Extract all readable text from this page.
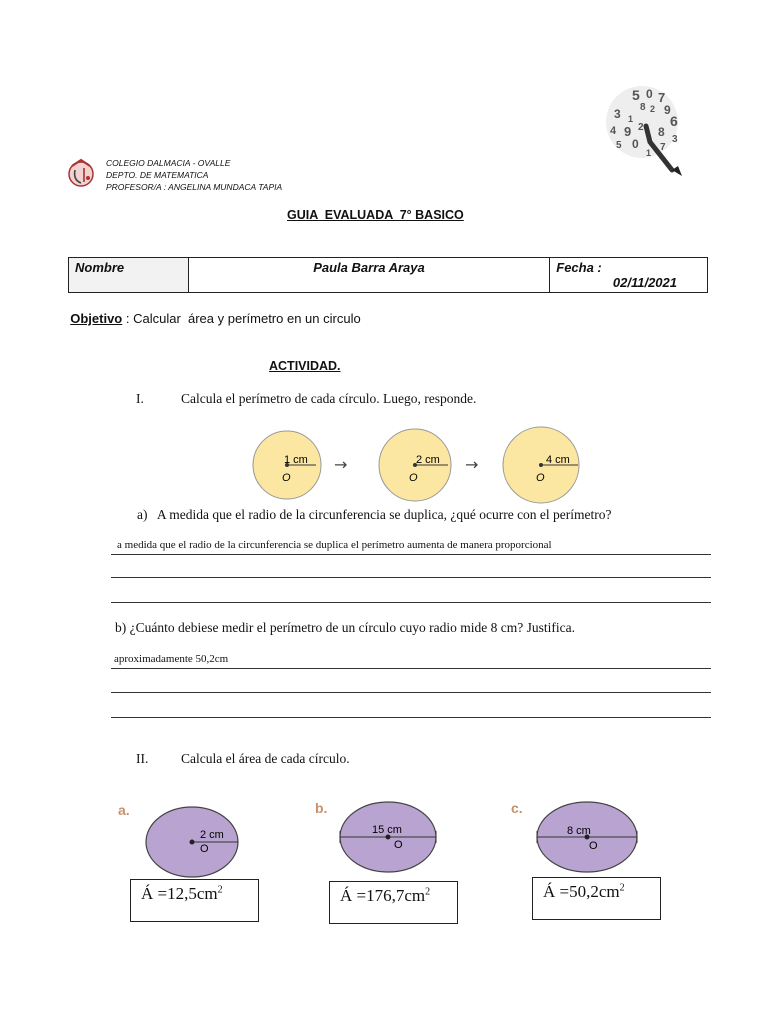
COLEGIO DALMACIA - OVALLE
DEPTO. DE MATEMATICA
PROFESOR/A : ANGELINA MUNDACA TAPIA
5 0 7
8 2 9
3 1	6
4 9 2 8
3
5 0 7
1
GUIA  EVALUADA  7° BASICO
Nombre	Paula Barra Araya	Fecha :
02/11/2021

Objetivo : Calcular  área y perímetro en un circulo

ACTIVIDAD.
I.	Calcula el perímetro de cada círculo. Luego, responde.
1 cm
O
→	2 cm
O
→	4 cm
O
a)   A medida que el radio de la circunferencia se duplica, ¿qué ocurre con el perímetro?
a medida que el radio de la circunferencia se duplica el perímetro aumenta de manera proporcional
b) ¿Cuánto debiese medir el perímetro de un círculo cuyo radio mide 8 cm? Justifica.
aproximadamente 50,2cm
II. Calcula el área de cada círculo.
a.
2 cm
O
Á $=12,5cm^2$
b.
15 cm
O
Á $=176,7cm^2$
c.
8 cm
O
Á $=50,2cm^2$
